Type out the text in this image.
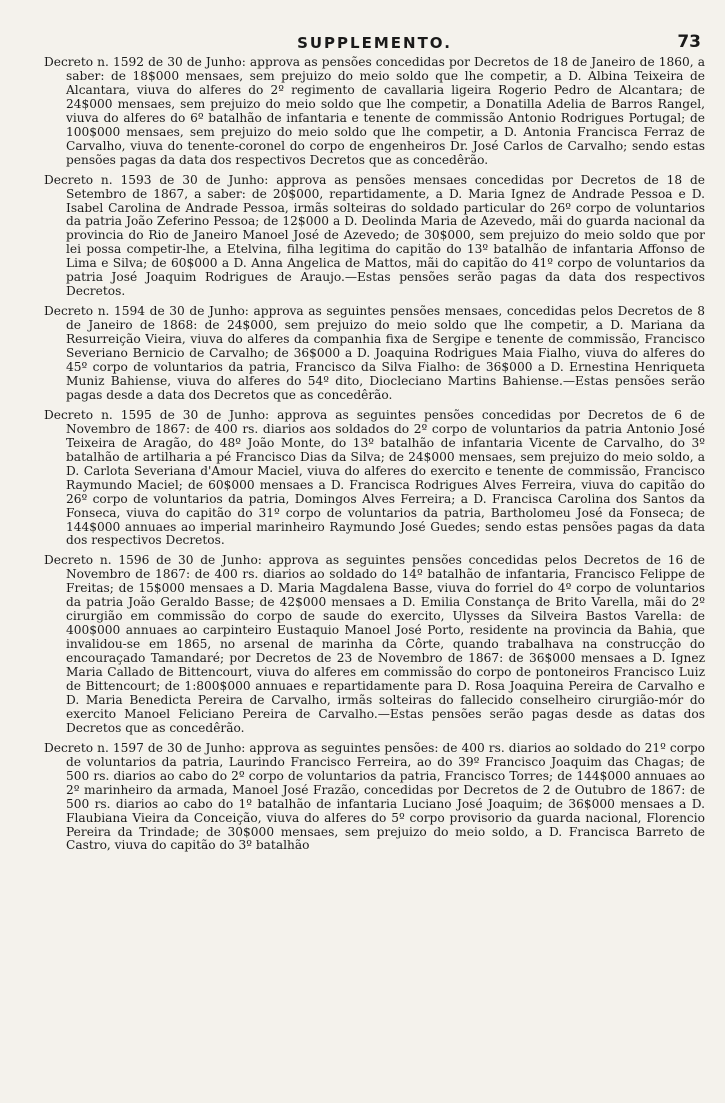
SUPPLEMENTO.	73

Decreto n. 1592 de 30 de Junho: approva as pensões concedidas por Decretos de 18 de Janeiro de 1860, a saber: de 18$000 mensaes, sem prejuizo do meio soldo que lhe competir, a D. Albina Teixeira de Alcantara, viuva do alferes do 2º regimento de cavallaria ligeira Rogerio Pedro de Alcantara; de 24$000 mensaes, sem prejuizo do meio soldo que lhe competir, a Donatilla Adelia de Barros Rangel, viuva do alferes do 6º batalhão de infantaria e tenente de commissão Antonio Rodrigues Portugal; de 100$000 mensaes, sem prejuizo do meio soldo que lhe competir, a D. Antonia Francisca Ferraz de Carvalho, viuva do tenente-coronel do corpo de engenheiros Dr. José Carlos de Carvalho; sendo estas pensões pagas da data dos respectivos Decretos que as concedêrão.

Decreto n. 1593 de 30 de Junho: approva as pensões mensaes concedidas por Decretos de 18 de Setembro de 1867, a saber: de 20$000, repartidamente, a D. Maria Ignez de Andrade Pessoa e D. Isabel Carolina de Andrade Pessoa, irmãs solteiras do soldado particular do 26º corpo de voluntarios da patria João Zeferino Pessoa; de 12$000 a D. Deolinda Maria de Azevedo, mãi do guarda nacional da provincia do Rio de Janeiro Manoel José de Azevedo; de 30$000, sem prejuizo do meio soldo que por lei possa competir-lhe, a Etelvina, filha legitima do capitão do 13º batalhão de infantaria Affonso de Lima e Silva; de 60$000 a D. Anna Angelica de Mattos, mãi do capitão do 41º corpo de voluntarios da patria José Joaquim Rodrigues de Araujo.—Estas pensões serão pagas da data dos respectivos Decretos.

Decreto n. 1594 de 30 de Junho: approva as seguintes pensões mensaes, concedidas pelos Decretos de 8 de Janeiro de 1868: de 24$000, sem prejuizo do meio soldo que lhe competir, a D. Mariana da Resurreição Vieira, viuva do alferes da companhia fixa de Sergipe e tenente de commissão, Francisco Severiano Bernicio de Carvalho; de 36$000 a D. Joaquina Rodrigues Maia Fialho, viuva do alferes do 45º corpo de voluntarios da patria, Francisco da Silva Fialho: de 36$000 a D. Ernestina Henriqueta Muniz Bahiense, viuva do alferes do 54º dito, Diocleciano Martins Bahiense.—Estas pensões serão pagas desde a data dos Decretos que as concedêrão.

Decreto n. 1595 de 30 de Junho: approva as seguintes pensões concedidas por Decretos de 6 de Novembro de 1867: de 400 rs. diarios aos soldados do 2º corpo de voluntarios da patria Antonio José Teixeira de Aragão, do 48º João Monte, do 13º batalhão de infantaria Vicente de Carvalho, do 3º batalhão de artilharia a pé Francisco Dias da Silva; de 24$000 mensaes, sem prejuizo do meio soldo, a D. Carlota Severiana d'Amour Maciel, viuva do alferes do exercito e tenente de commissão, Francisco Raymundo Maciel; de 60$000 mensaes a D. Francisca Rodrigues Alves Ferreira, viuva do capitão do 26º corpo de voluntarios da patria, Domingos Alves Ferreira; a D. Francisca Carolina dos Santos da Fonseca, viuva do capitão do 31º corpo de voluntarios da patria, Bartholomeu José da Fonseca; de 144$000 annuaes ao imperial marinheiro Raymundo José Guedes; sendo estas pensões pagas da data dos respectivos Decretos.

Decreto n. 1596 de 30 de Junho: approva as seguintes pensões concedidas pelos Decretos de 16 de Novembro de 1867: de 400 rs. diarios ao soldado do 14º batalhão de infantaria, Francisco Felippe de Freitas; de 15$000 mensaes a D. Maria Magdalena Basse, viuva do forriel do 4º corpo de voluntarios da patria João Geraldo Basse; de 42$000 mensaes a D. Emilia Constança de Brito Varella, mãi do 2º cirurgião em commissão do corpo de saude do exercito, Ulysses da Silveira Bastos Varella: de 400$000 annuaes ao carpinteiro Eustaquio Manoel José Porto, residente na provincia da Bahia, que invalidou-se em 1865, no arsenal de marinha da Côrte, quando trabalhava na construcção do encouraçado Tamandaré; por Decretos de 23 de Novembro de 1867: de 36$000 mensaes a D. Ignez Maria Callado de Bittencourt, viuva do alferes em commissão do corpo de pontoneiros Francisco Luiz de Bittencourt; de 1:800$000 annuaes e repartidamente para D. Rosa Joaquina Pereira de Carvalho e D. Maria Benedicta Pereira de Carvalho, irmãs solteiras do fallecido conselheiro cirurgião-mór do exercito Manoel Feliciano Pereira de Carvalho.—Estas pensões serão pagas desde as datas dos Decretos que as concedêrão.

Decreto n. 1597 de 30 de Junho: approva as seguintes pensões: de 400 rs. diarios ao soldado do 21º corpo de voluntarios da patria, Laurindo Francisco Ferreira, ao do 39º Francisco Joaquim das Chagas; de 500 rs. diarios ao cabo do 2º corpo de voluntarios da patria, Francisco Torres; de 144$000 annuaes ao 2º marinheiro da armada, Manoel José Frazão, concedidas por Decretos de 2 de Outubro de 1867: de 500 rs. diarios ao cabo do 1º batalhão de infantaria Luciano José Joaquim; de 36$000 mensaes a D. Flaubiana Vieira da Conceição, viuva do alferes do 5º corpo provisorio da guarda nacional, Florencio Pereira da Trindade; de 30$000 mensaes, sem prejuizo do meio soldo, a D. Francisca Barreto de Castro, viuva do capitão do 3º batalhão
